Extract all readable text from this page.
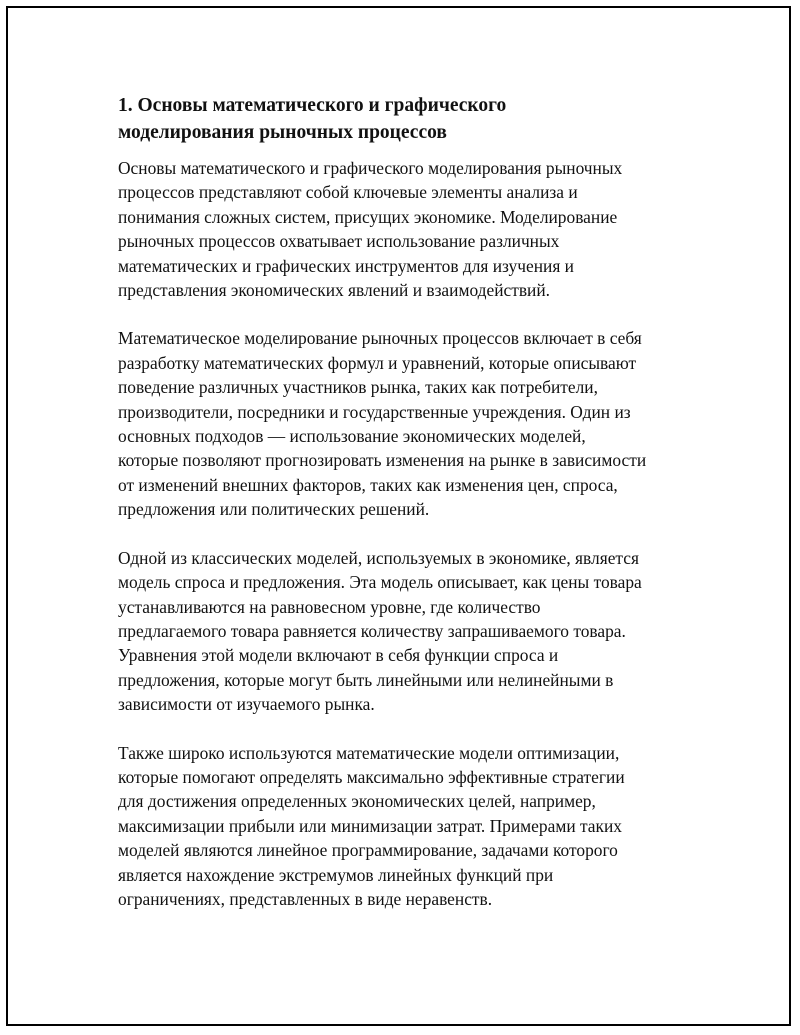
1. Основы математического и графического
моделирования рыночных процессов

Основы математического и графического моделирования рыночных
процессов представляют собой ключевые элементы анализа и
понимания сложных систем, присущих экономике. Моделирование
рыночных процессов охватывает использование различных
математических и графических инструментов для изучения и
представления экономических явлений и взаимодействий.

Математическое моделирование рыночных процессов включает в себя
разработку математических формул и уравнений, которые описывают
поведение различных участников рынка, таких как потребители,
производители, посредники и государственные учреждения. Один из
основных подходов — использование экономических моделей,
которые позволяют прогнозировать изменения на рынке в зависимости
от изменений внешних факторов, таких как изменения цен, спроса,
предложения или политических решений.

Одной из классических моделей, используемых в экономике, является
модель спроса и предложения. Эта модель описывает, как цены товара
устанавливаются на равновесном уровне, где количество
предлагаемого товара равняется количеству запрашиваемого товара.
Уравнения этой модели включают в себя функции спроса и
предложения, которые могут быть линейными или нелинейными в
зависимости от изучаемого рынка.

Также широко используются математические модели оптимизации,
которые помогают определять максимально эффективные стратегии
для достижения определенных экономических целей, например,
максимизации прибыли или минимизации затрат. Примерами таких
моделей являются линейное программирование, задачами которого
является нахождение экстремумов линейных функций при
ограничениях, представленных в виде неравенств.
